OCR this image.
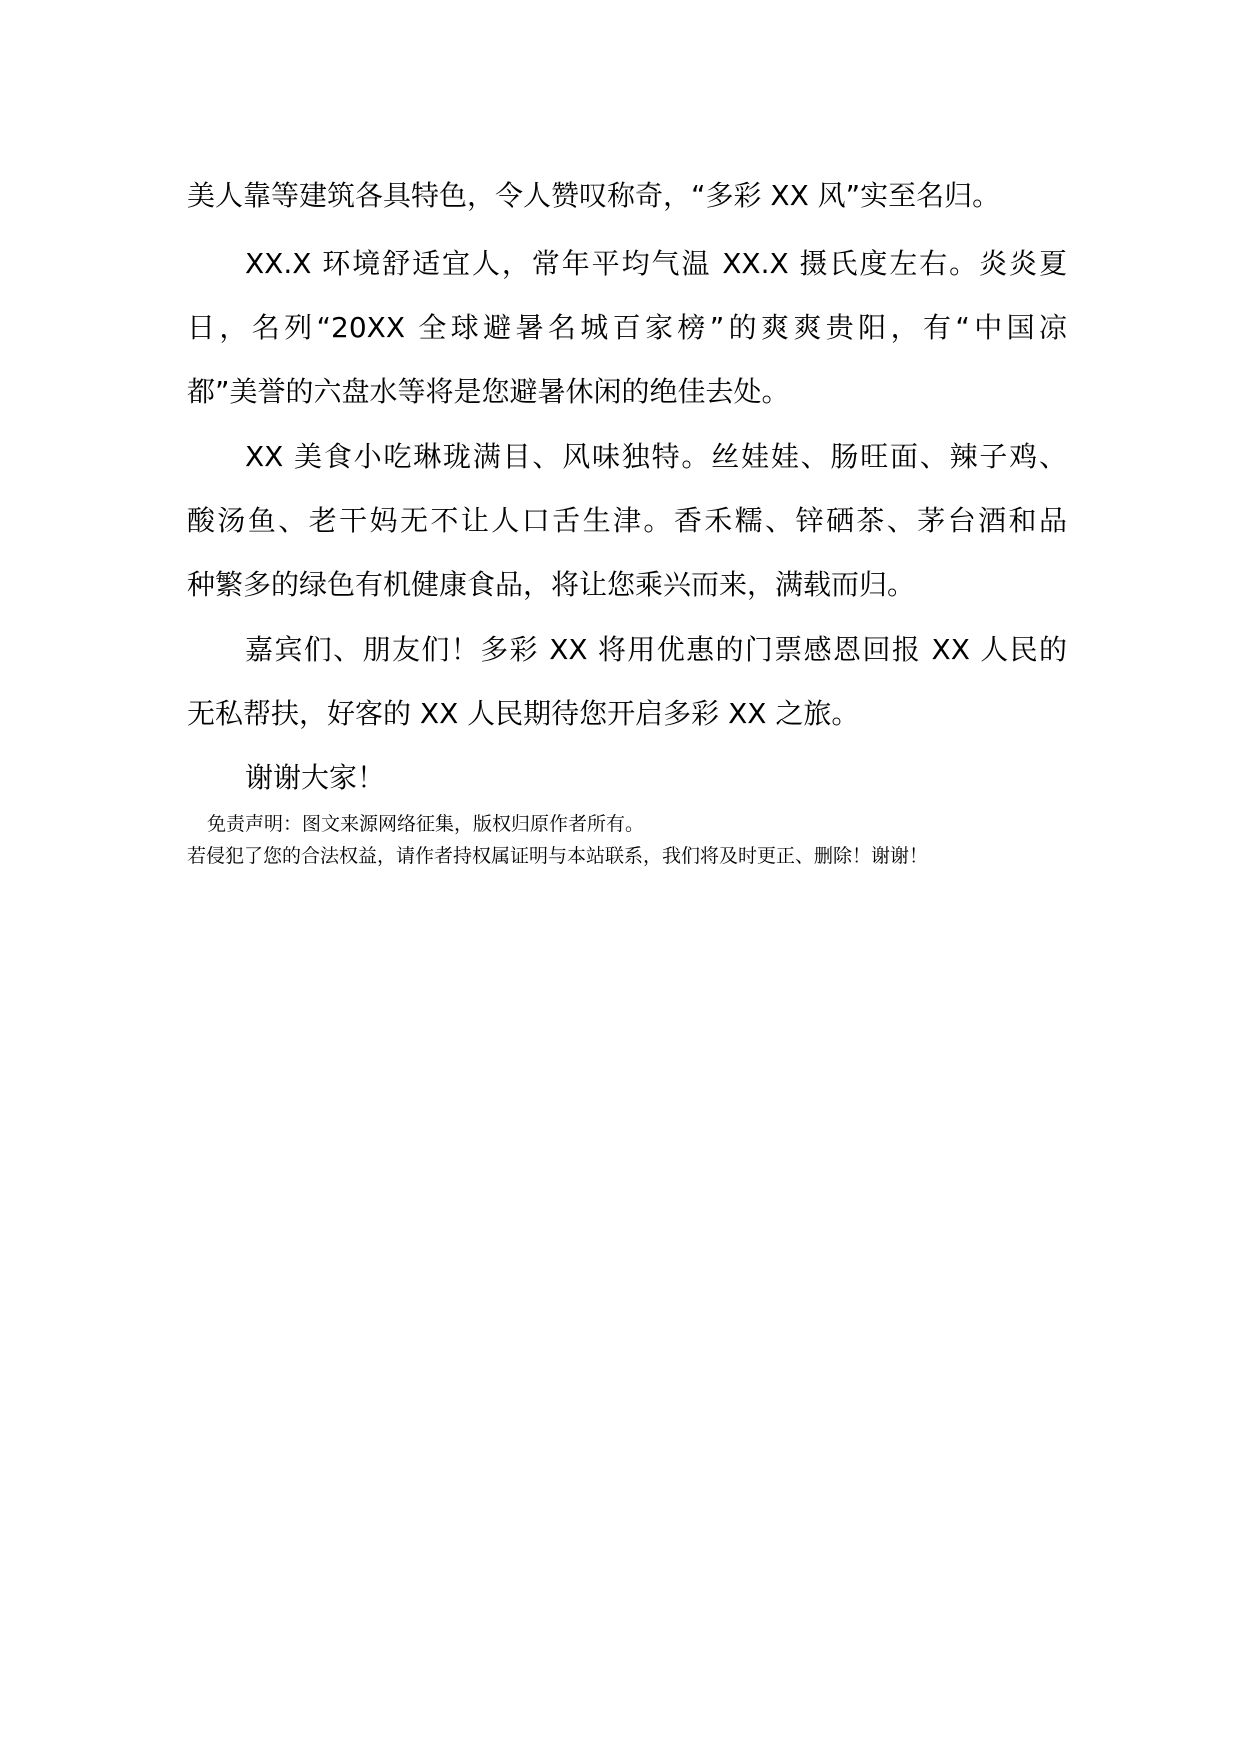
美人靠等建筑各具特色，令人赞叹称奇，“多彩 XX 风”实至名归。
XX.X 环境舒适宜人，常年平均气温 XX.X 摄氏度左右。炎炎夏
日，名列“20XX 全球避暑名城百家榜”的爽爽贵阳，有“中国凉
都”美誉的六盘水等将是您避暑休闲的绝佳去处。
XX 美食小吃琳珑满目、风味独特。丝娃娃、肠旺面、辣子鸡、
酸汤鱼、老干妈无不让人口舌生津。香禾糯、锌硒茶、茅台酒和品
种繁多的绿色有机健康食品，将让您乘兴而来，满载而归。
嘉宾们、朋友们！多彩 XX 将用优惠的门票感恩回报 XX 人民的
无私帮扶，好客的 XX 人民期待您开启多彩 XX 之旅。
谢谢大家！
免责声明：图文来源网络征集，版权归原作者所有。
若侵犯了您的合法权益，请作者持权属证明与本站联系，我们将及时更正、删除！谢谢！
